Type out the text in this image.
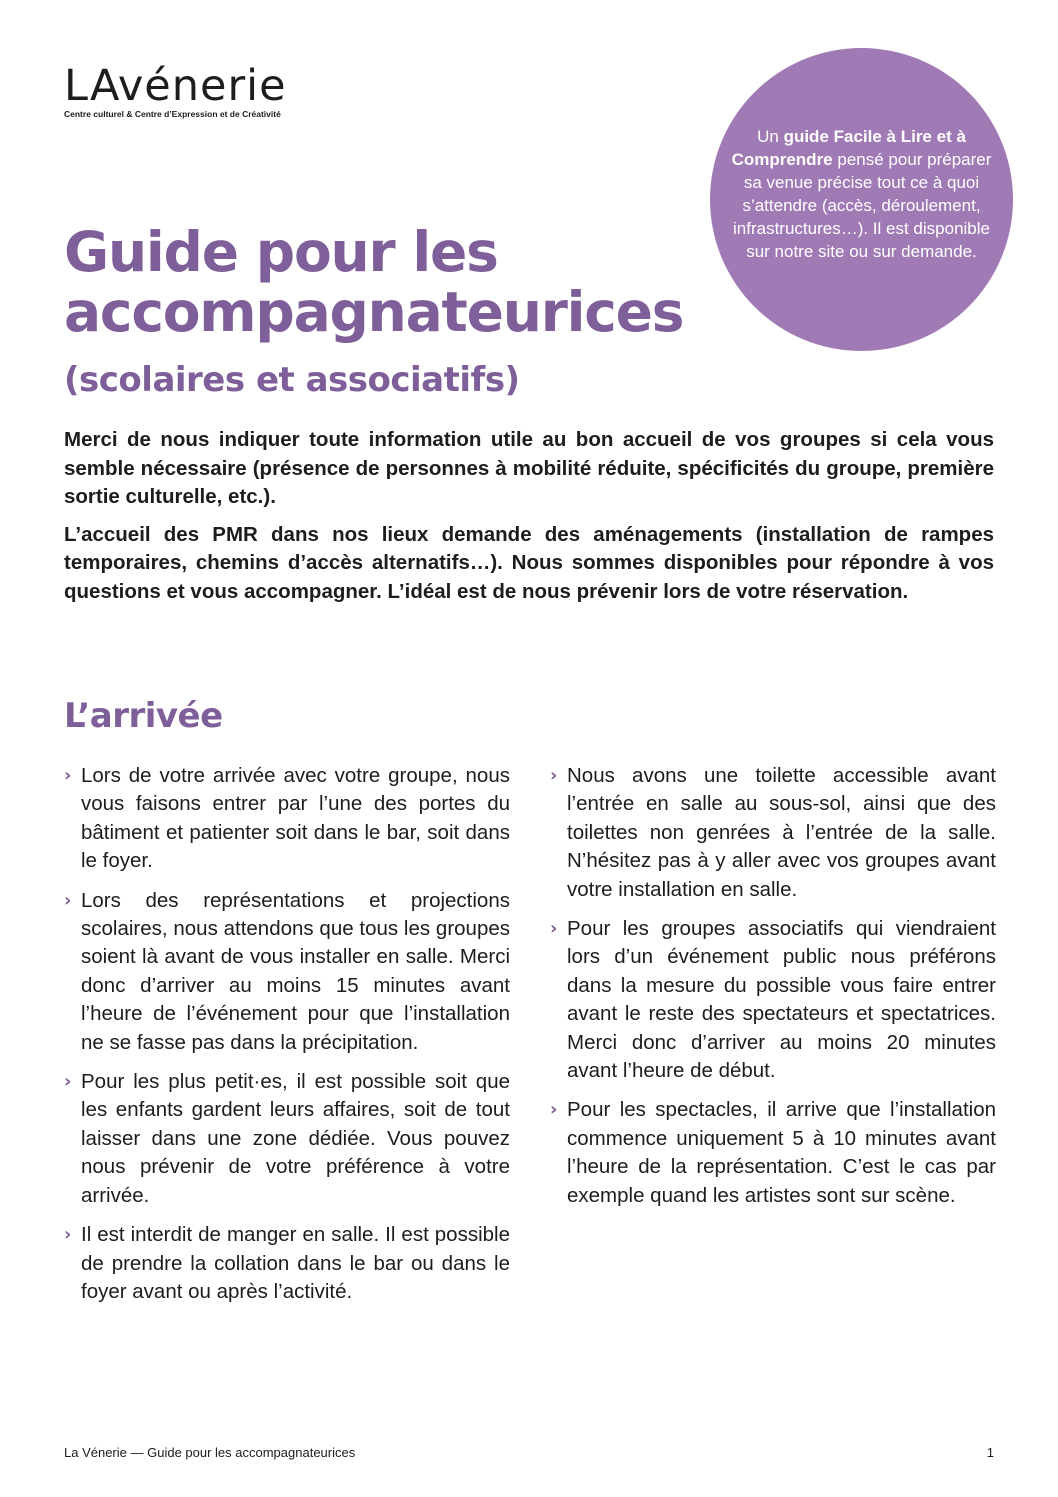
LAvénerie
Centre culturel & Centre d’Expression et de Créativité
Un guide Facile à Lire et à Comprendre pensé pour préparer sa venue précise tout ce à quoi s’attendre (accès, déroulement, infrastructures…). Il est disponible sur notre site ou sur demande.
Guide pour les accompagnateurices
(scolaires et associatifs)

Merci de nous indiquer toute information utile au bon accueil de vos groupes si cela vous semble nécessaire (présence de personnes à mobilité réduite, spécificités du groupe, première sortie culturelle, etc.).

L’accueil des PMR dans nos lieux demande des aménagements (installation de rampes temporaires, chemins d’accès alternatifs…). Nous sommes disponibles pour répondre à vos questions et vous accompagner. L’idéal est de nous prévenir lors de votre réservation.

L’arrivée
› Lors de votre arrivée avec votre groupe, nous vous faisons entrer par l’une des portes du bâtiment et patienter soit dans le bar, soit dans le foyer.
› Lors des représentations et projections scolaires, nous attendons que tous les groupes soient là avant de vous installer en salle. Merci donc d’arriver au moins 15 minutes avant l’heure de l’événement pour que l’installation ne se fasse pas dans la précipitation.
› Pour les plus petit·es, il est possible soit que les enfants gardent leurs affaires, soit de tout laisser dans une zone dédiée. Vous pouvez nous prévenir de votre préférence à votre arrivée.
› Il est interdit de manger en salle. Il est possible de prendre la collation dans le bar ou dans le foyer avant ou après l’activité.
› Nous avons une toilette accessible avant l’entrée en salle au sous-sol, ainsi que des toilettes non genrées à l’entrée de la salle. N’hésitez pas à y aller avec vos groupes avant votre installation en salle.
› Pour les groupes associatifs qui viendraient lors d’un événement public nous préférons dans la mesure du possible vous faire entrer avant le reste des spectateurs et spectatrices. Merci donc d’arriver au moins 20 minutes avant l’heure de début.
› Pour les spectacles, il arrive que l’installation commence uniquement 5 à 10 minutes avant l’heure de la représentation. C’est le cas par exemple quand les artistes sont sur scène.
La Vénerie — Guide pour les accompagnateurices	1
